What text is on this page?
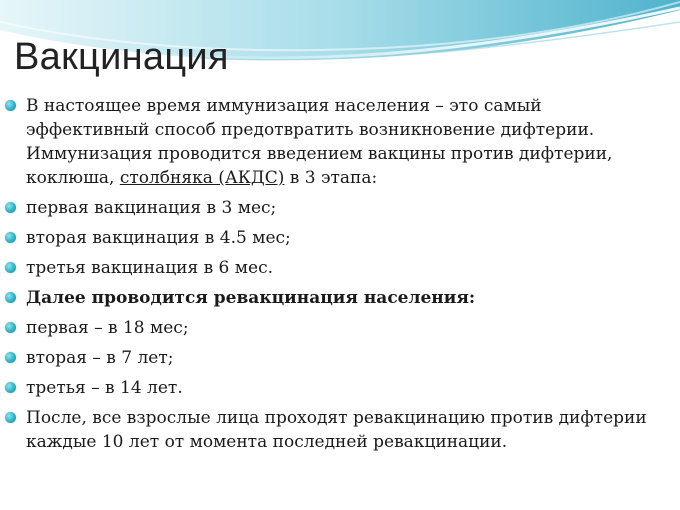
Вакцинация
В настоящее время иммунизация населения – это самый эффективный способ предотвратить возникновение дифтерии. Иммунизация проводится введением вакцины против дифтерии, коклюша, столбняка (АКДС) в 3 этапа:
первая вакцинация в 3 мес;
вторая вакцинация в 4.5 мес;
третья вакцинация в 6 мес.
Далее проводится ревакцинация населения:
первая – в 18 мес;
вторая – в 7 лет;
третья – в 14 лет.
После, все взрослые лица проходят ревакцинацию против дифтерии каждые 10 лет от момента последней ревакцинации.
